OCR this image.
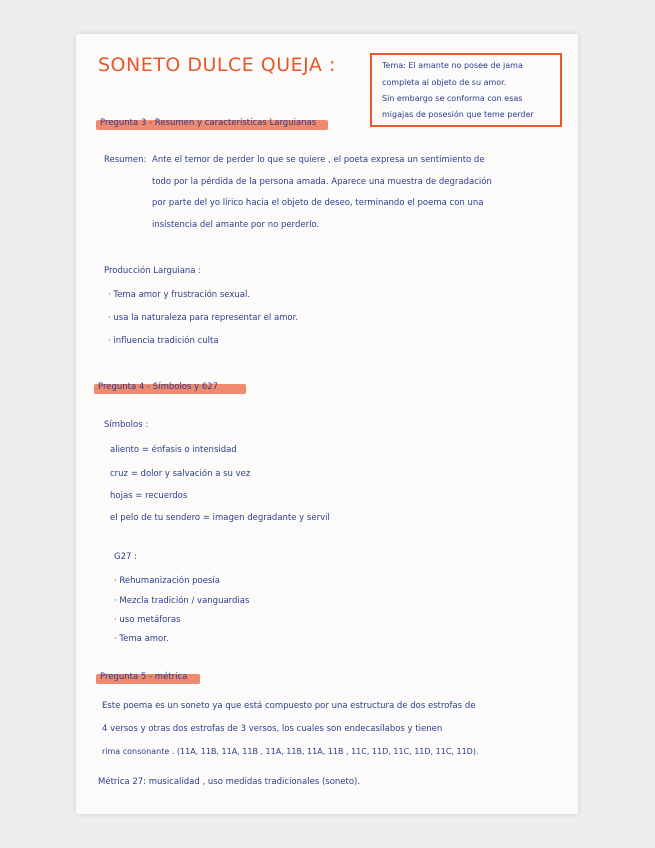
SONETO DULCE QUEJA :	Tema: El amante no posee de jama
completa al objeto de su amor.
Sin embargo se conforma con esas
migajas de posesión que teme perder
Pregunta 3 - Resumen y características Larguianas
Resumen: Ante el temor de perder lo que se quiere , el poeta expresa un sentimiento de
todo por la pérdida de la persona amada. Aparece una muestra de degradación
por parte del yo lírico hacia el objeto de deseo, terminando el poema con una
insistencia del amante por no perderlo.
Producción Larguiana :
· Tema amor y frustración sexual.
· usa la naturaleza para representar el amor.
· influencia tradición culta
Pregunta 4 - Símbolos y 627
Símbolos :
aliento = énfasis o intensidad
cruz = dolor y salvación a su vez
hojas = recuerdos
el pelo de tu sendero = imagen degradante y servil
G27 :
· Rehumanización poesía
· Mezcla tradición / vanguardias
· uso metáforas
· Tema amor.
Pregunta 5 - métrica
Este poema es un soneto ya que está compuesto por una estructura de dos estrofas de
4 versos y otras dos estrofas de 3 versos, los cuales son endecasílabos y tienen
rima consonante . (11A, 11B, 11A, 11B , 11A, 11B, 11A, 11B , 11C, 11D, 11C, 11D, 11C, 11D).
Métrica 27: musicalidad , uso medidas tradicionales (soneto).
